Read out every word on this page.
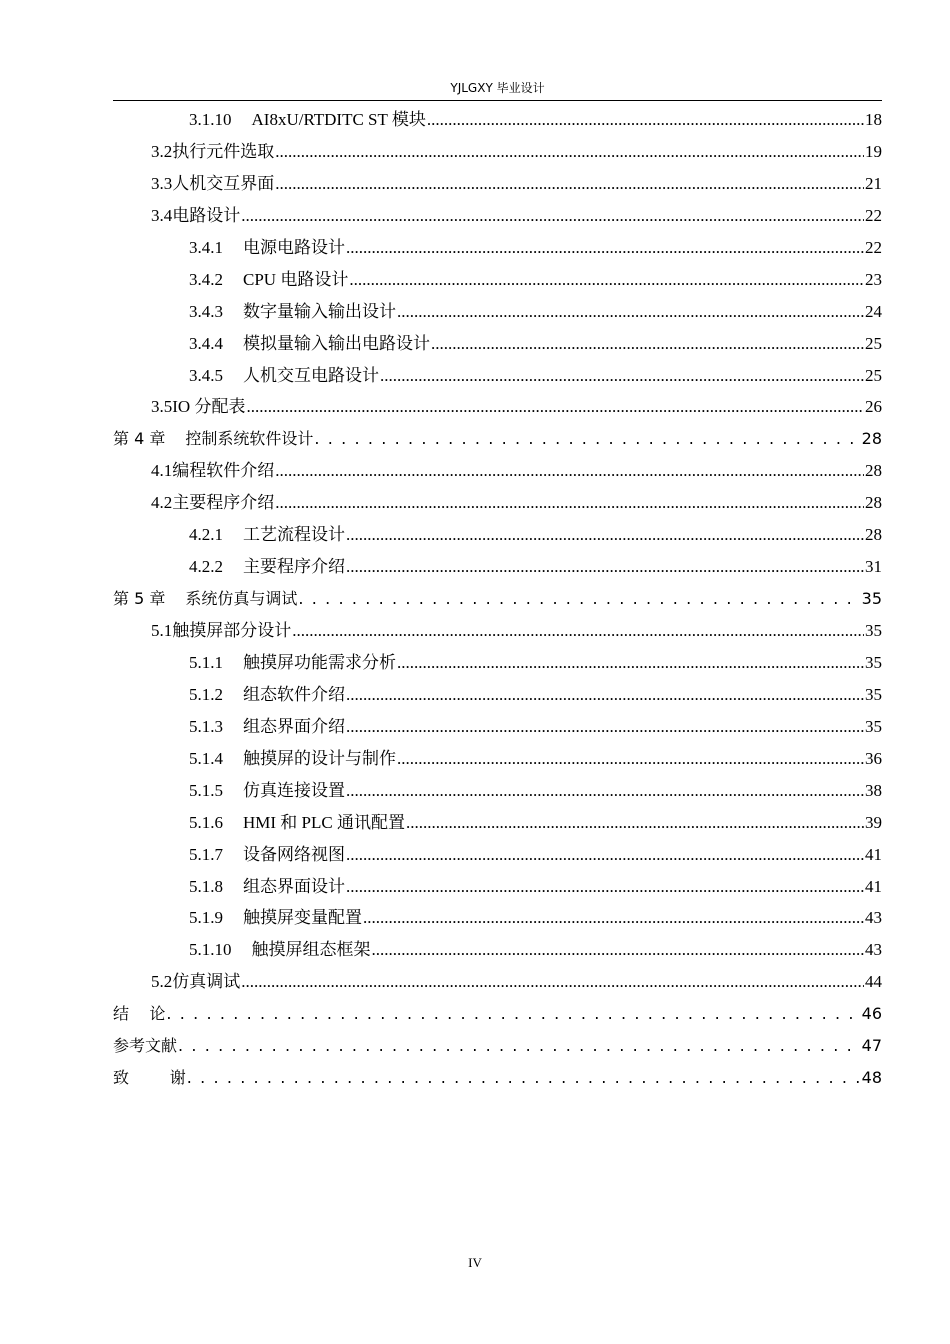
YJLGXY 毕业设计
3.1.10 AI8xU/RTDITC ST 模块 .....	18
3.2 执行元件选取 .....	19
3.3 人机交互界面 .....	21
3.4 电路设计 .....	22
3.4.1 电源电路设计 .....	22
3.4.2 CPU 电路设计 .....	23
3.4.3 数字量输入输出设计 .....	24
3.4.4 模拟量输入输出电路设计 .....	25
3.4.5 人机交互电路设计 .....	25
3.5 IO 分配表 .....	26
第 4 章 控制系统软件设计 . . .	28
4.1 编程软件介绍 .....	28
4.2 主要程序介绍 .....	28
4.2.1 工艺流程设计 .....	28
4.2.2 主要程序介绍 .....	31
第 5 章 系统仿真与调试 . . .	35
5.1 触摸屏部分设计 .....	35
5.1.1 触摸屏功能需求分析 .....	35
5.1.2 组态软件介绍 .....	35
5.1.3 组态界面介绍 .....	35
5.1.4 触摸屏的设计与制作 .....	36
5.1.5 仿真连接设置 .....	38
5.1.6 HMI 和 PLC 通讯配置 .....	39
5.1.7 设备网络视图 .....	41
5.1.8 组态界面设计 .....	41
5.1.9 触摸屏变量配置 .....	43
5.1.10 触摸屏组态框架 .....	43
5.2 仿真调试 .....	44
结    论 . . .	46
参考文献 . . .	47
致        谢 . . .	48
IV
